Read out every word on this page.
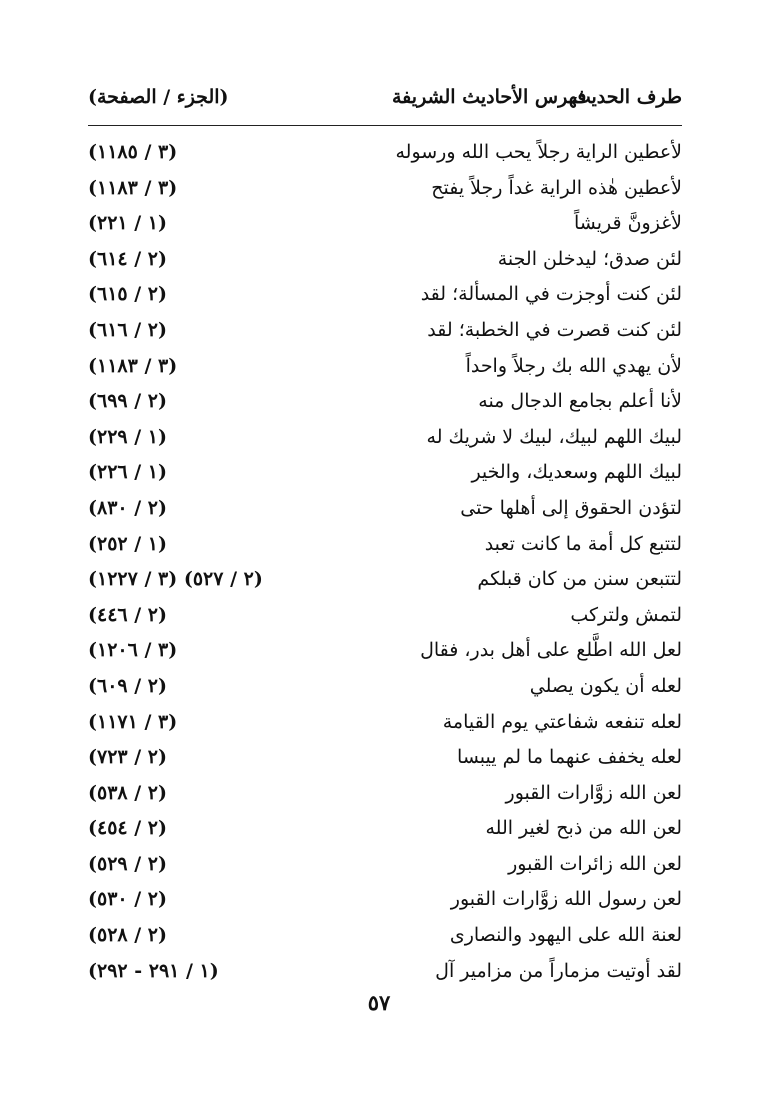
طرف الحديث
فهرس الأحاديث الشريفة
(الجزء / الصفحة)
لأعطين الراية رجلاً يحب الله ورسوله
(٣ / ١١٨٥)
لأعطين هٰذه الراية غداً رجلاً يفتح
(٣ / ١١٨٣)
لأغزونَّ قريشاً
(١ / ٢٢١)
لئن صدق؛ ليدخلن الجنة
(٢ / ٦١٤)
لئن كنت أوجزت في المسألة؛ لقد
(٢ / ٦١٥)
لئن كنت قصرت في الخطبة؛ لقد
(٢ / ٦١٦)
لأن يهدي الله بك رجلاً واحداً
(٣ / ١١٨٣)
لأنا أعلم بجامع الدجال منه
(٢ / ٦٩٩)
لبيك اللهم لبيك، لبيك لا شريك له
(١ / ٢٢٩)
لبيك اللهم وسعديك، والخير
(١ / ٢٢٦)
لتؤدن الحقوق إلى أهلها حتى
(٢ / ٨٣٠)
لتتبع كل أمة ما كانت تعبد
(١ / ٢٥٢)
لتتبعن سنن من كان قبلكم
(٢ / ٥٢٧) (٣ / ١٢٢٧)
لتمش ولتركب
(٢ / ٤٤٦)
لعل الله اطَّلع على أهل بدر، فقال
(٣ / ١٢٠٦)
لعله أن يكون يصلي
(٢ / ٦٠٩)
لعله تنفعه شفاعتي يوم القيامة
(٣ / ١١٧١)
لعله يخفف عنهما ما لم ييبسا
(٢ / ٧٢٣)
لعن الله زوَّارات القبور
(٢ / ٥٣٨)
لعن الله من ذبح لغير الله
(٢ / ٤٥٤)
لعن الله زائرات القبور
(٢ / ٥٢٩)
لعن رسول الله زوَّارات القبور
(٢ / ٥٣٠)
لعنة الله على اليهود والنصارى
(٢ / ٥٢٨)
لقد أوتيت مزماراً من مزامير آل
(١ / ٢٩١ - ٢٩٢)
٥٧
